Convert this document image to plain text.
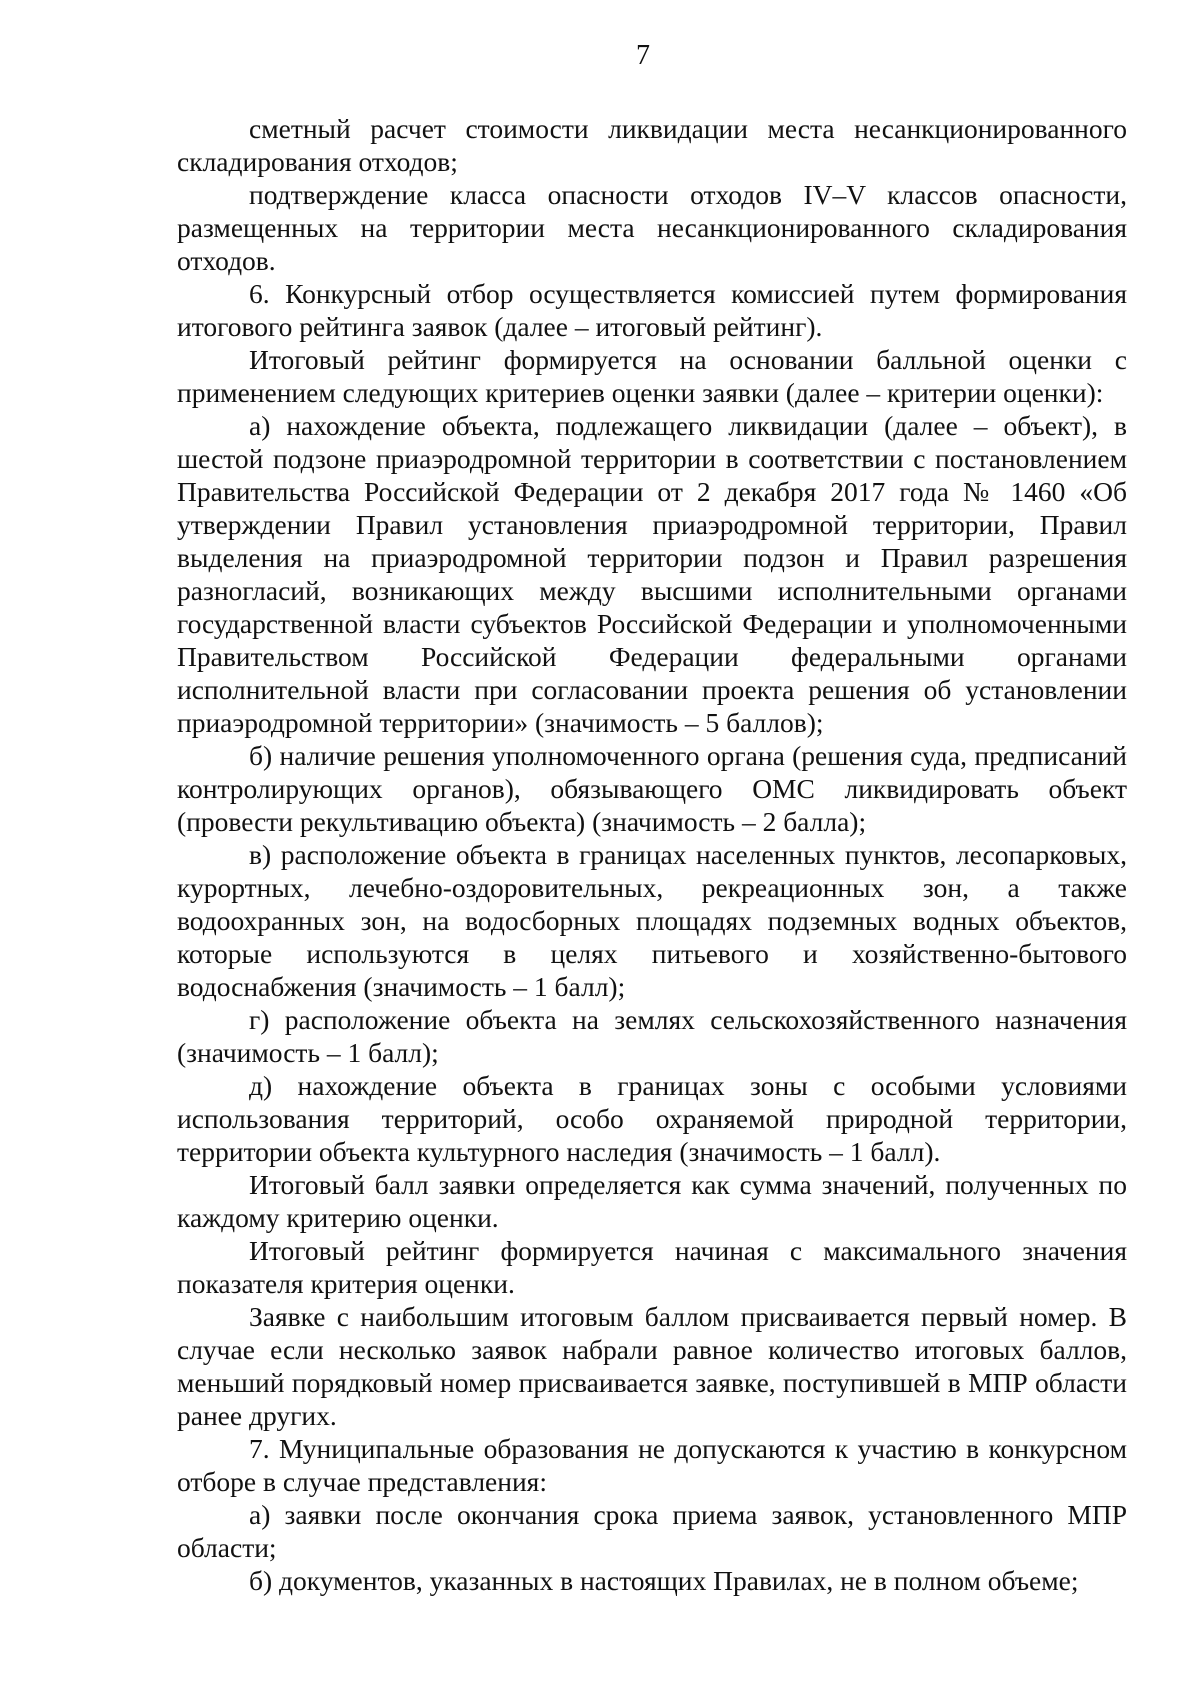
7

сметный расчет стоимости ликвидации места несанкционированного складирования отходов;

подтверждение класса опасности отходов IV–V классов опасности, размещенных на территории места несанкционированного складирования отходов.

6. Конкурсный отбор осуществляется комиссией путем формирования итогового рейтинга заявок (далее – итоговый рейтинг).

Итоговый рейтинг формируется на основании балльной оценки с применением следующих критериев оценки заявки (далее – критерии оценки):

а) нахождение объекта, подлежащего ликвидации (далее – объект), в шестой подзоне приаэродромной территории в соответствии с постановлением Правительства Российской Федерации от 2 декабря 2017 года № 1460 «Об утверждении Правил установления приаэродромной территории, Правил выделения на приаэродромной территории подзон и Правил разрешения разногласий, возникающих между высшими исполнительными органами государственной власти субъектов Российской Федерации и уполномоченными Правительством Российской Федерации федеральными органами исполнительной власти при согласовании проекта решения об установлении приаэродромной территории» (значимость – 5 баллов);

б) наличие решения уполномоченного органа (решения суда, предписаний контролирующих органов), обязывающего ОМС ликвидировать объект (провести рекультивацию объекта) (значимость – 2 балла);

в) расположение объекта в границах населенных пунктов, лесопарковых, курортных, лечебно-оздоровительных, рекреационных зон, а также водоохранных зон, на водосборных площадях подземных водных объектов, которые используются в целях питьевого и хозяйственно-бытового водоснабжения (значимость – 1 балл);

г) расположение объекта на землях сельскохозяйственного назначения (значимость – 1 балл);

д) нахождение объекта в границах зоны с особыми условиями использования территорий, особо охраняемой природной территории, территории объекта культурного наследия (значимость – 1 балл).

Итоговый балл заявки определяется как сумма значений, полученных по каждому критерию оценки.

Итоговый рейтинг формируется начиная с максимального значения показателя критерия оценки.

Заявке с наибольшим итоговым баллом присваивается первый номер. В случае если несколько заявок набрали равное количество итоговых баллов, меньший порядковый номер присваивается заявке, поступившей в МПР области ранее других.

7. Муниципальные образования не допускаются к участию в конкурсном отборе в случае представления:

а) заявки после окончания срока приема заявок, установленного МПР области;

б) документов, указанных в настоящих Правилах, не в полном объеме;
